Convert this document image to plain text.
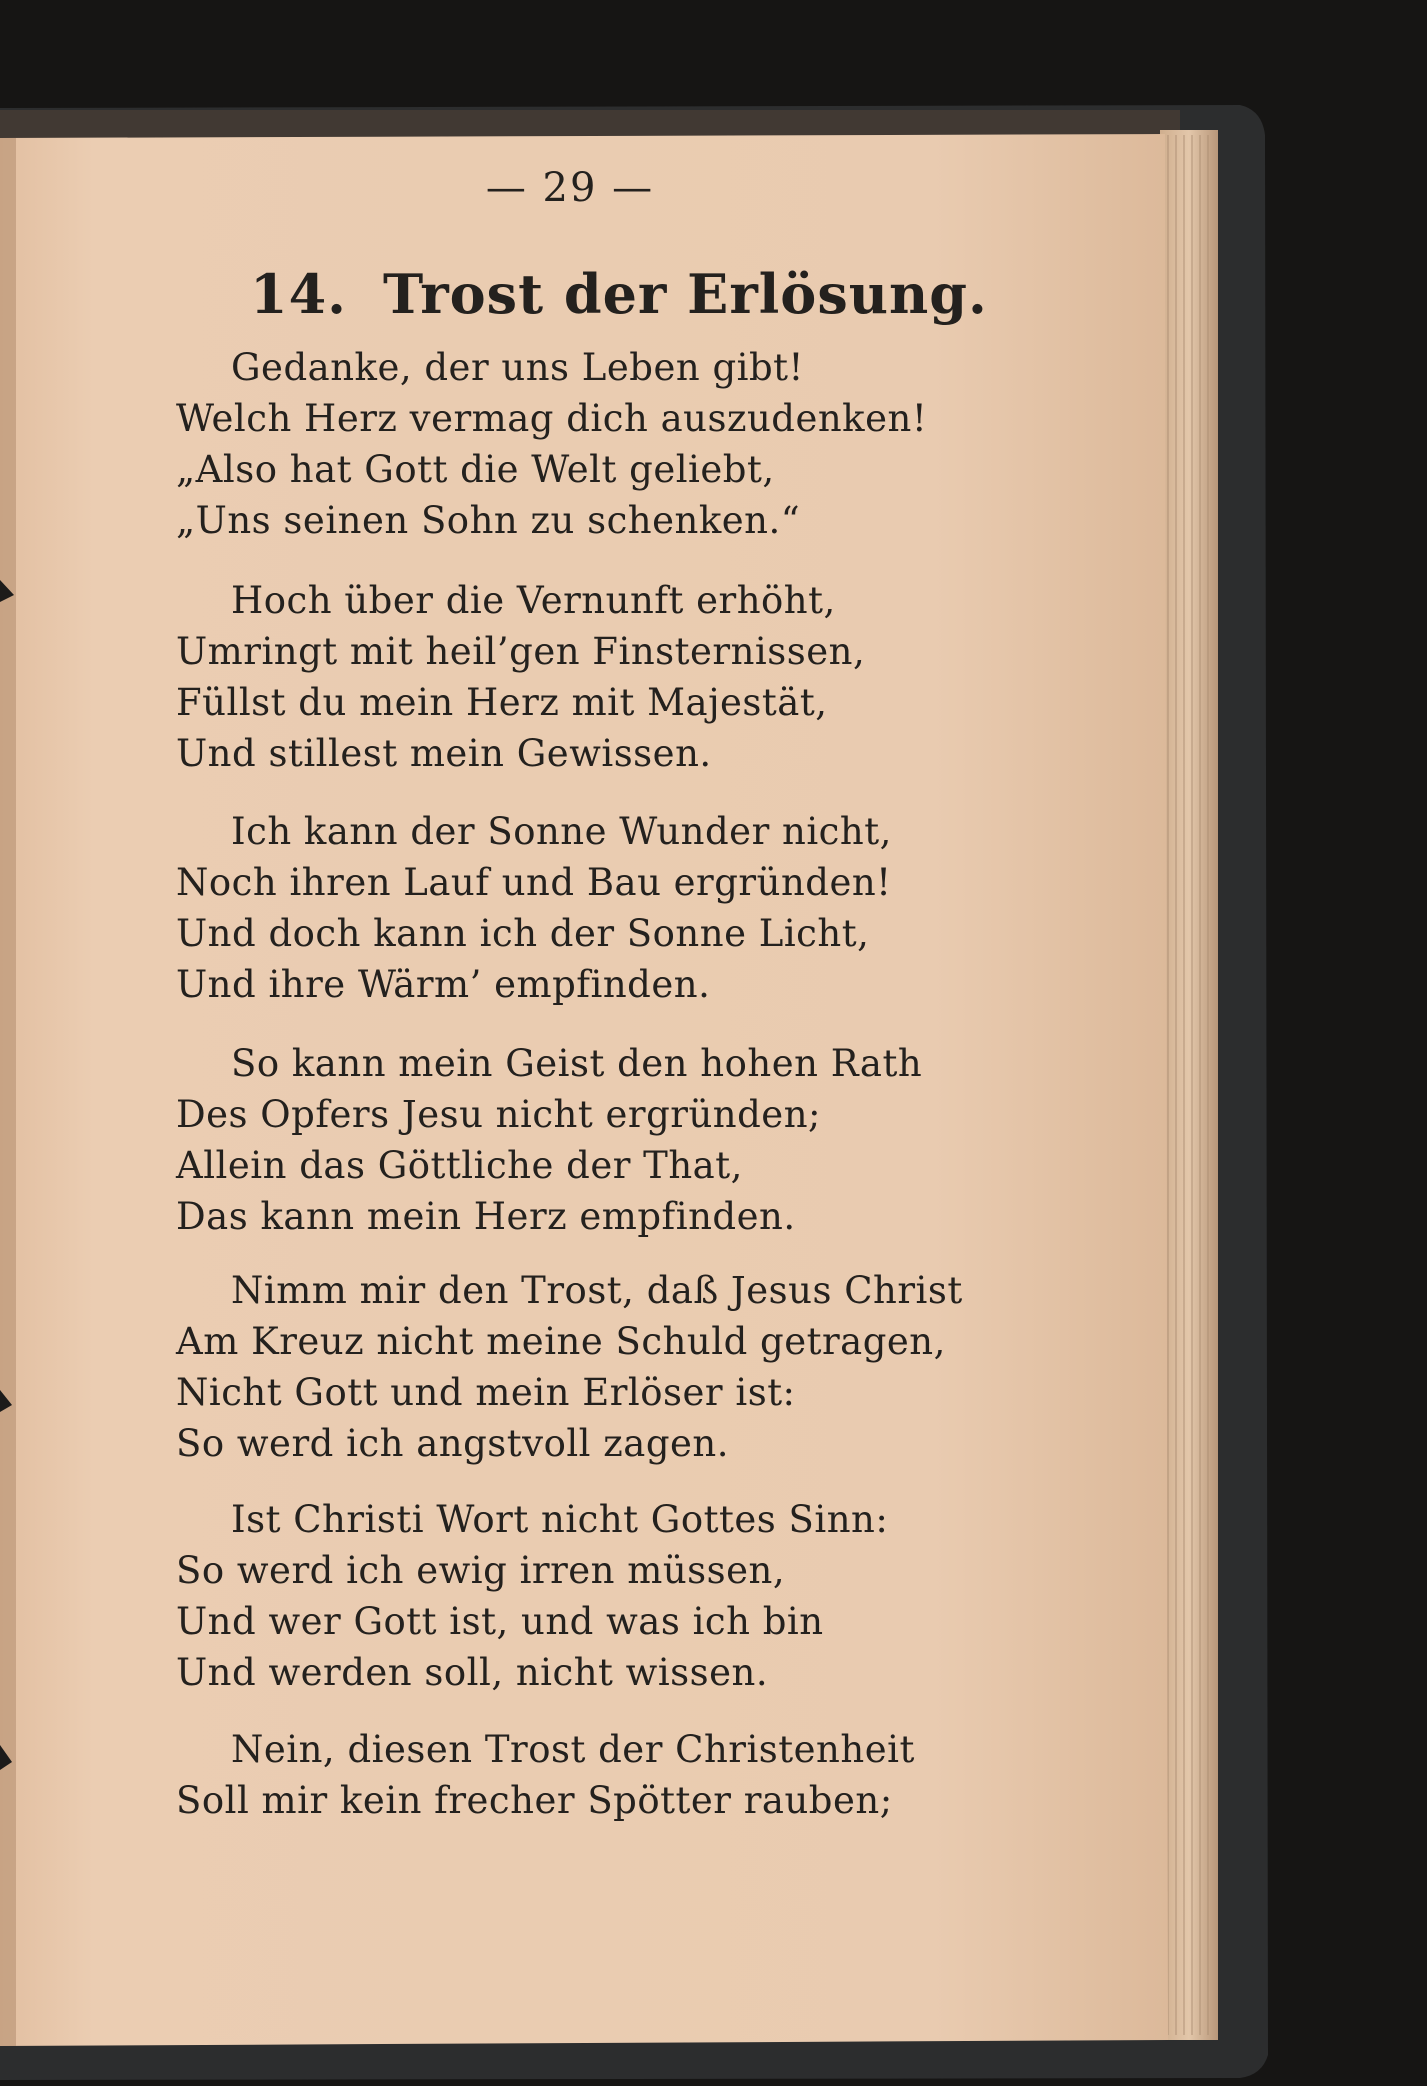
— 29 —
14. Trost der Erlösung.
Gedanke, der uns Leben gibt!
Welch Herz vermag dich auszudenken!
„Also hat Gott die Welt geliebt,
„Uns seinen Sohn zu schenken.“
Hoch über die Vernunft erhöht,
Umringt mit heil’gen Finsternissen,
Füllst du mein Herz mit Majestät,
Und stillest mein Gewissen.
Ich kann der Sonne Wunder nicht,
Noch ihren Lauf und Bau ergründen!
Und doch kann ich der Sonne Licht,
Und ihre Wärm’ empfinden.
So kann mein Geist den hohen Rath
Des Opfers Jesu nicht ergründen;
Allein das Göttliche der That,
Das kann mein Herz empfinden.
Nimm mir den Trost, daß Jesus Christ
Am Kreuz nicht meine Schuld getragen,
Nicht Gott und mein Erlöser ist:
So werd ich angstvoll zagen.
Ist Christi Wort nicht Gottes Sinn:
So werd ich ewig irren müssen,
Und wer Gott ist, und was ich bin
Und werden soll, nicht wissen.
Nein, diesen Trost der Christenheit
Soll mir kein frecher Spötter rauben;
